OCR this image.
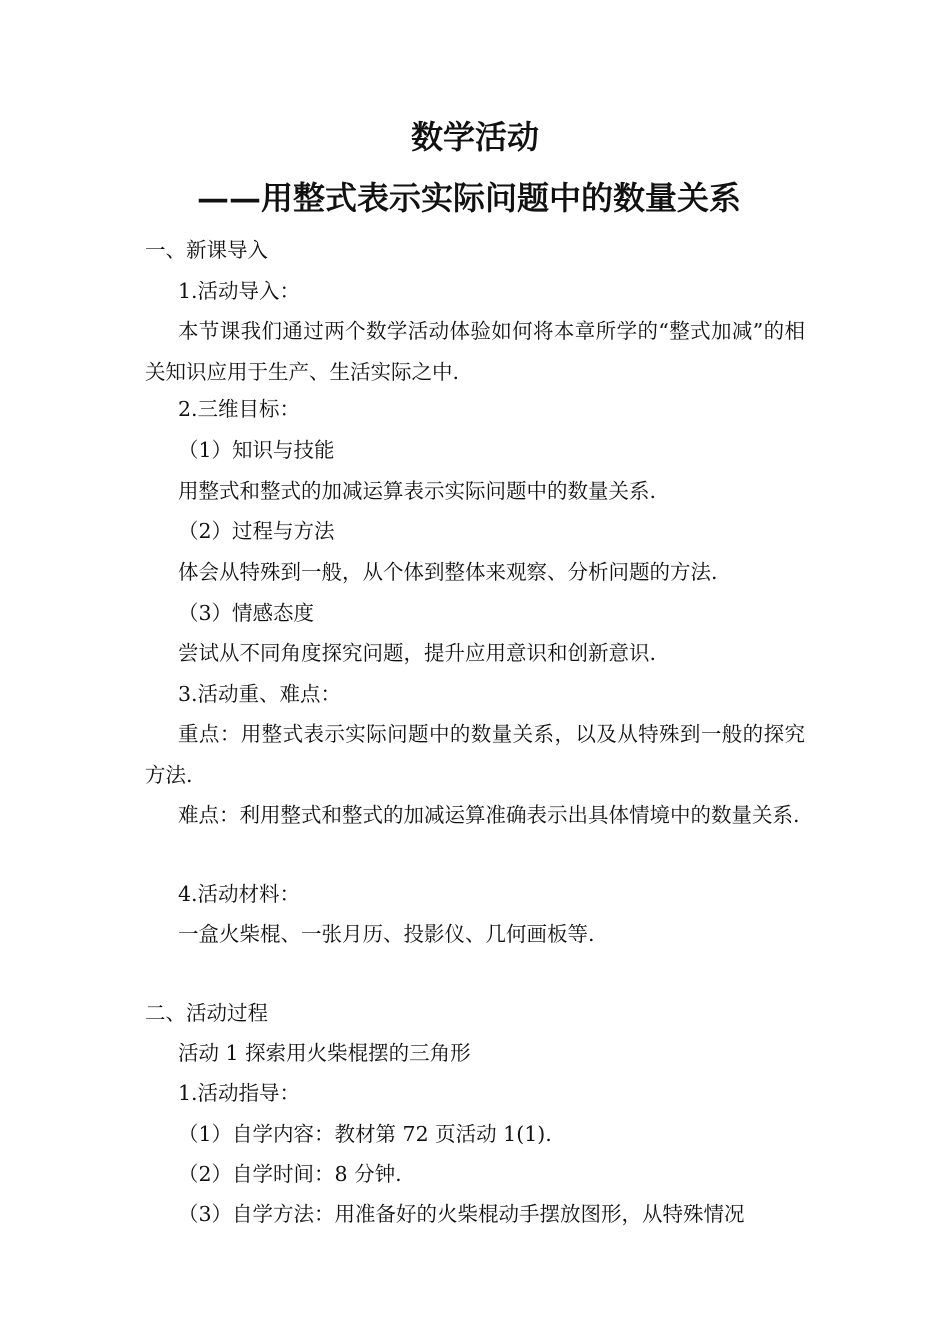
数学活动
——用整式表示实际问题中的数量关系
一、新课导入
1.活动导入：
本节课我们通过两个数学活动体验如何将本章所学的“整式加减”的相关知识应用于生产、生活实际之中.
2.三维目标：
（1）知识与技能
用整式和整式的加减运算表示实际问题中的数量关系.
（2）过程与方法
体会从特殊到一般，从个体到整体来观察、分析问题的方法.
（3）情感态度
尝试从不同角度探究问题，提升应用意识和创新意识.
3.活动重、难点：
重点：用整式表示实际问题中的数量关系，以及从特殊到一般的探究方法.
难点：利用整式和整式的加减运算准确表示出具体情境中的数量关系.
4.活动材料：
一盒火柴棍、一张月历、投影仪、几何画板等.
二、活动过程
活动 1 探索用火柴棍摆的三角形
1.活动指导：
（1）自学内容：教材第 72 页活动 1(1).
（2）自学时间：8 分钟.
（3）自学方法：用准备好的火柴棍动手摆放图形，从特殊情况
